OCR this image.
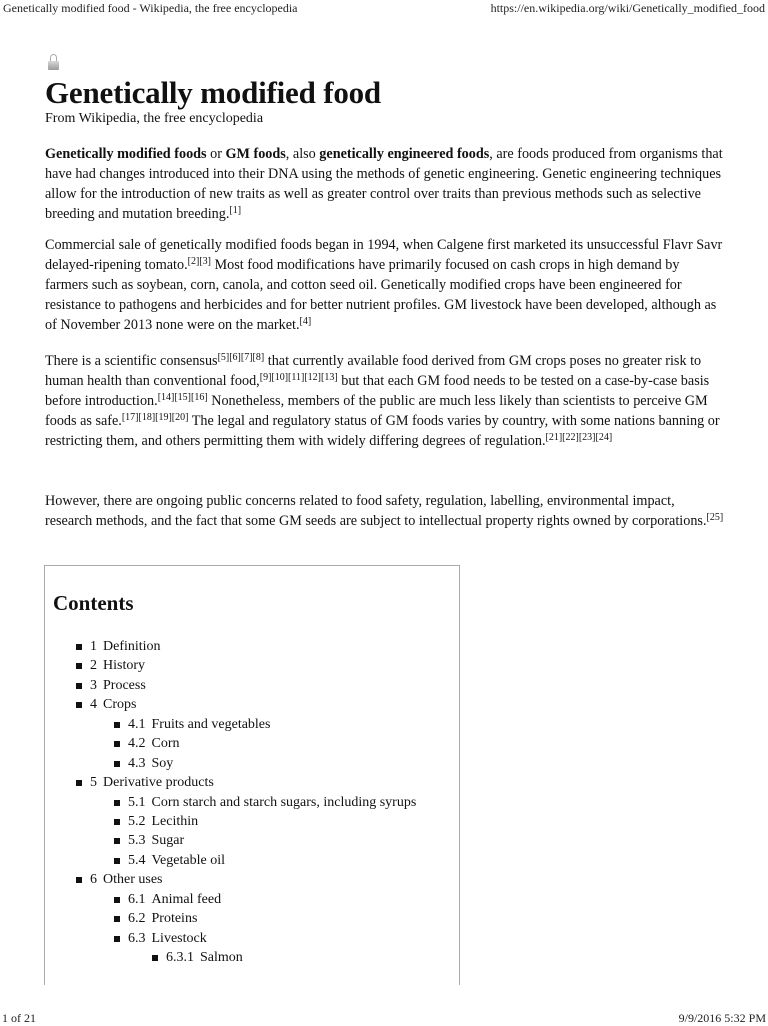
Genetically modified food - Wikipedia, the free encyclopedia	https://en.wikipedia.org/wiki/Genetically_modified_food
Genetically modified food
From Wikipedia, the free encyclopedia

Genetically modified foods or GM foods, also genetically engineered foods, are foods produced from organisms that have had changes introduced into their DNA using the methods of genetic engineering. Genetic engineering techniques allow for the introduction of new traits as well as greater control over traits than previous methods such as selective breeding and mutation breeding.[1]

Commercial sale of genetically modified foods began in 1994, when Calgene first marketed its unsuccessful Flavr Savr delayed-ripening tomato.[2][3] Most food modifications have primarily focused on cash crops in high demand by farmers such as soybean, corn, canola, and cotton seed oil. Genetically modified crops have been engineered for resistance to pathogens and herbicides and for better nutrient profiles. GM livestock have been developed, although as of November 2013 none were on the market.[4]

There is a scientific consensus[5][6][7][8] that currently available food derived from GM crops poses no greater risk to human health than conventional food,[9][10][11][12][13] but that each GM food needs to be tested on a case-by-case basis before introduction.[14][15][16] Nonetheless, members of the public are much less likely than scientists to perceive GM foods as safe.[17][18][19][20] The legal and regulatory status of GM foods varies by country, with some nations banning or restricting them, and others permitting them with widely differing degrees of regulation.[21][22][23][24]

However, there are ongoing public concerns related to food safety, regulation, labelling, environmental impact, research methods, and the fact that some GM seeds are subject to intellectual property rights owned by corporations.[25]

Contents
1 Definition
2 History
3 Process
4 Crops
4.1 Fruits and vegetables
4.2 Corn
4.3 Soy
5 Derivative products
5.1 Corn starch and starch sugars, including syrups
5.2 Lecithin
5.3 Sugar
5.4 Vegetable oil
6 Other uses
6.1 Animal feed
6.2 Proteins
6.3 Livestock
6.3.1 Salmon
1 of 21	9/9/2016 5:32 PM
